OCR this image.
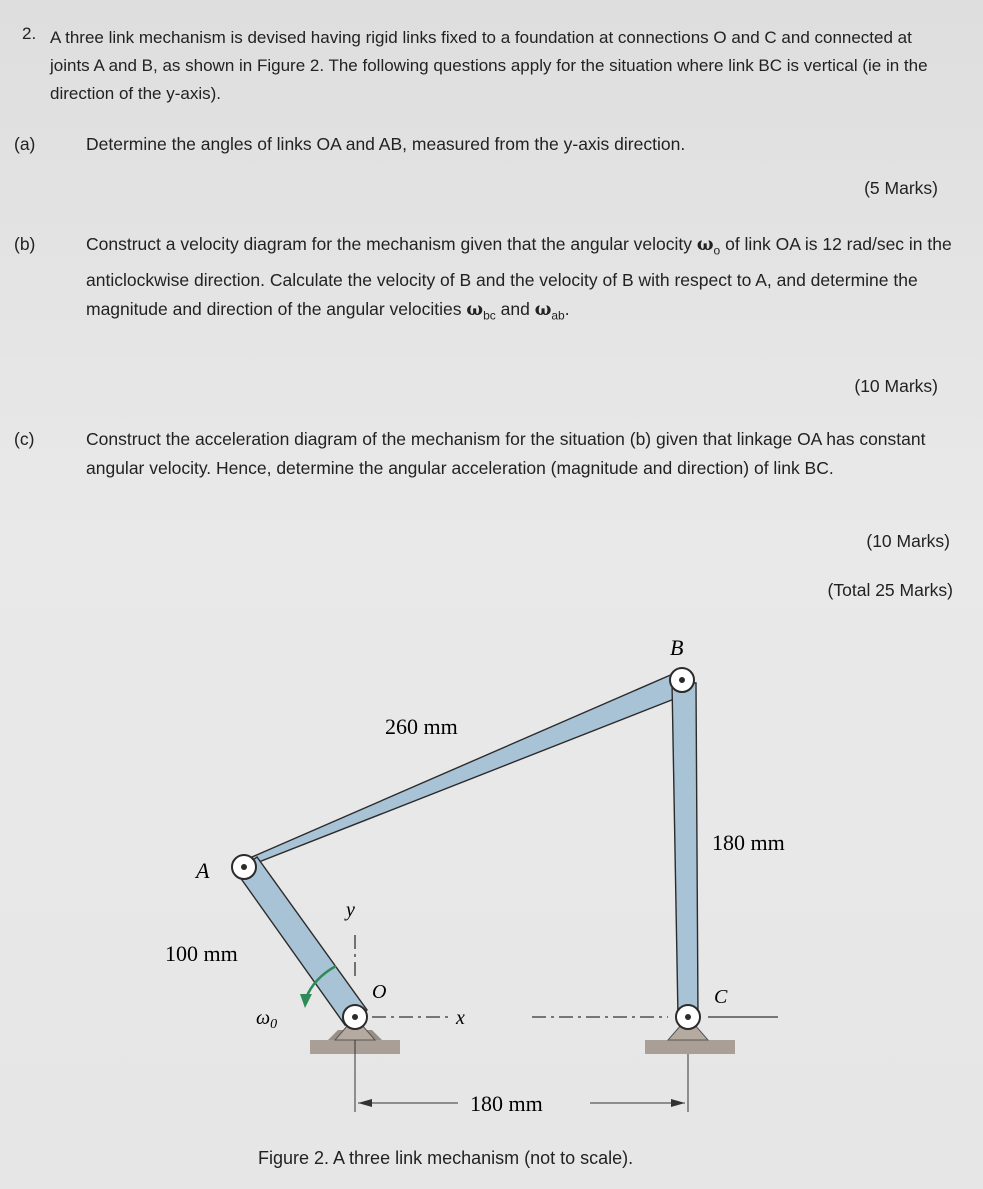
2. A three link mechanism is devised having rigid links fixed to a foundation at connections O and C and connected at joints A and B, as shown in Figure 2. The following questions apply for the situation where link BC is vertical (ie in the direction of the y-axis).

(a)	Determine the angles of links OA and AB, measured from the y-axis direction.

(5 Marks)

(b)	Construct a velocity diagram for the mechanism given that the angular velocity $\omega_o$ of link OA is 12 rad/sec in the anticlockwise direction. Calculate the velocity of B and the velocity of B with respect to A, and determine the magnitude and direction of the angular velocities $\omega_{bc}$ and $\omega_{ab}$.

(10 Marks)

(c)	Construct the acceleration diagram of the mechanism for the situation (b) given that linkage OA has constant angular velocity. Hence, determine the angular acceleration (magnitude and direction) of link BC.

(10 Marks)
(Total 25 Marks)
B
A
O	C
y
x
$\omega_0$
260 mm
180 mm
100 mm
180 mm
Figure 2. A three link mechanism (not to scale).
